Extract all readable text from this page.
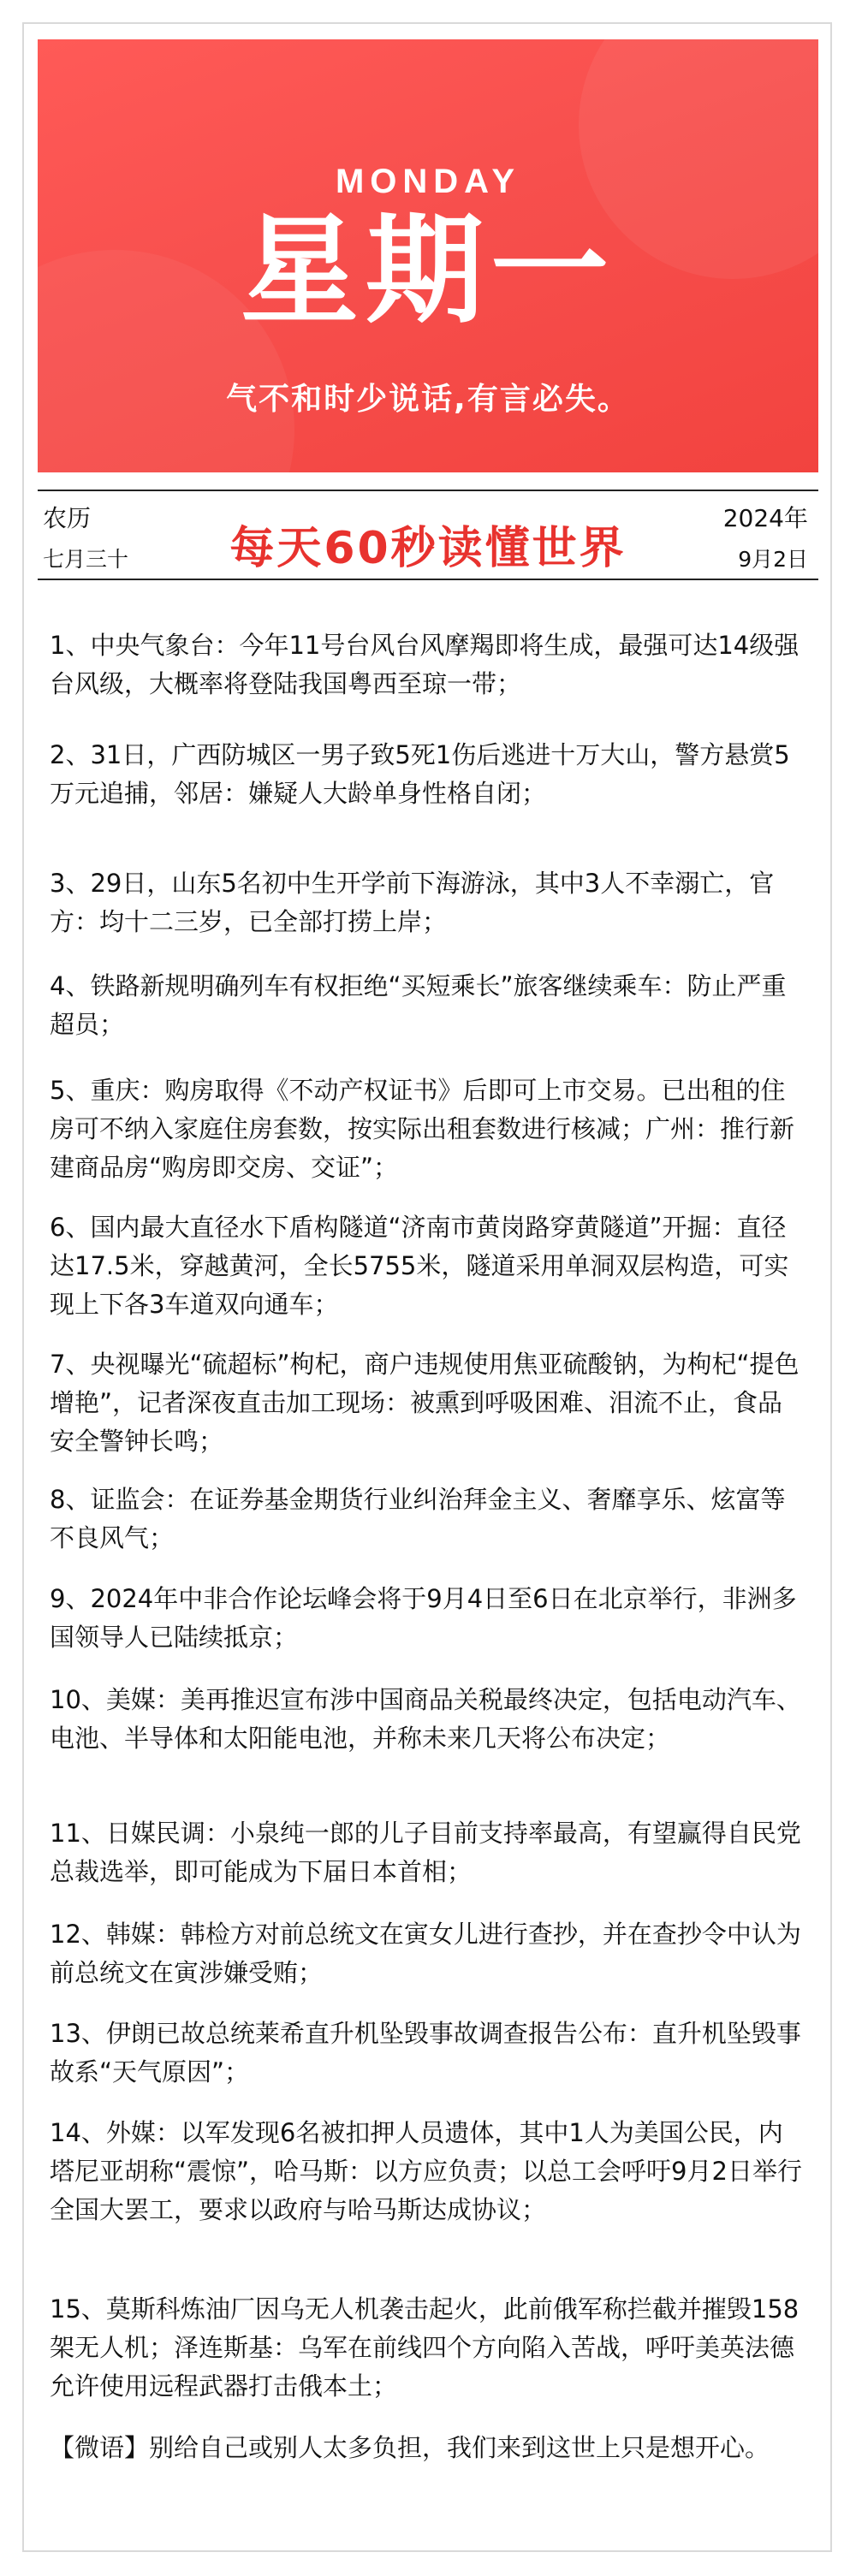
MONDAY
星期一
气不和时少说话,有言必失。
农历
七月三十	每天60秒读懂世界
2024年
9月2日
1、中央气象台：今年11号台风台风摩羯即将生成，最强可达14级强台风级，大概率将登陆我国粤西至琼一带；
2、31日，广西防城区一男子致5死1伤后逃进十万大山，警方悬赏5万元追捕，邻居：嫌疑人大龄单身性格自闭；
3、29日，山东5名初中生开学前下海游泳，其中3人不幸溺亡，官方：均十二三岁，已全部打捞上岸；
4、铁路新规明确列车有权拒绝“买短乘长”旅客继续乘车：防止严重超员；
5、重庆：购房取得《不动产权证书》后即可上市交易。已出租的住房可不纳入家庭住房套数，按实际出租套数进行核减；广州：推行新建商品房“购房即交房、交证”；
6、国内最大直径水下盾构隧道“济南市黄岗路穿黄隧道”开掘：直径达17.5米，穿越黄河，全长5755米，隧道采用单洞双层构造，可实现上下各3车道双向通车；
7、央视曝光“硫超标”枸杞，商户违规使用焦亚硫酸钠，为枸杞“提色增艳”，记者深夜直击加工现场：被熏到呼吸困难、泪流不止，食品安全警钟长鸣；
8、证监会：在证券基金期货行业纠治拜金主义、奢靡享乐、炫富等不良风气；
9、2024年中非合作论坛峰会将于9月4日至6日在北京举行，非洲多国领导人已陆续抵京；
10、美媒：美再推迟宣布涉中国商品关税最终决定，包括电动汽车、电池、半导体和太阳能电池，并称未来几天将公布决定；
11、日媒民调：小泉纯一郎的儿子目前支持率最高，有望赢得自民党总裁选举，即可能成为下届日本首相；
12、韩媒：韩检方对前总统文在寅女儿进行查抄，并在查抄令中认为前总统文在寅涉嫌受贿；
13、伊朗已故总统莱希直升机坠毁事故调查报告公布：直升机坠毁事故系“天气原因”；
14、外媒：以军发现6名被扣押人员遗体，其中1人为美国公民，内塔尼亚胡称“震惊”，哈马斯：以方应负责；以总工会呼吁9月2日举行全国大罢工，要求以政府与哈马斯达成协议；
15、莫斯科炼油厂因乌无人机袭击起火，此前俄军称拦截并摧毁158架无人机；泽连斯基：乌军在前线四个方向陷入苦战，呼吁美英法德允许使用远程武器打击俄本土；
【微语】别给自己或别人太多负担，我们来到这世上只是想开心。
